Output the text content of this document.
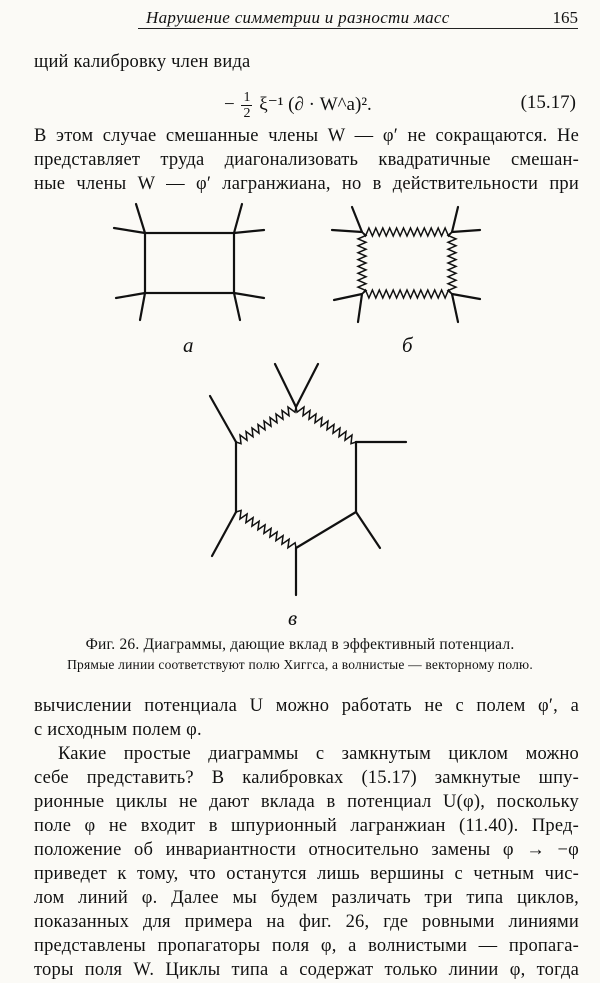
Нарушение симметрии и разности масс	165
щий калибровку член вида
− $\frac{1}{2} \xi^{-1}$ (∂ · W^a)².	(15.17)
В этом случае смешанные члены W — φ′ не сокращаются. Не
представляет труда диагонализовать квадратичные смешан-
ные члены W — φ′ лагранжиана, но в действительности при
а	б
в
Фиг. 26. Диаграммы, дающие вклад в эффективный потенциал.
Прямые линии соответствуют полю Хиггса, а волнистые — векторному полю.
вычислении потенциала U можно работать не с полем φ′, а
с исходным полем φ.
Какие простые диаграммы с замкнутым циклом можно
себе представить? В калибровках (15.17) замкнутые шпу-
рионные циклы не дают вклада в потенциал U(φ), поскольку
поле φ не входит в шпурионный лагранжиан (11.40). Пред-
положение об инвариантности относительно замены φ → −φ
приведет к тому, что останутся лишь вершины с четным чис-
лом линий φ. Далее мы будем различать три типа циклов,
показанных для примера на фиг. 26, где ровными линиями
представлены пропагаторы поля φ, а волнистыми — пропага-
торы поля W. Циклы типа а содержат только линии φ, тогда
